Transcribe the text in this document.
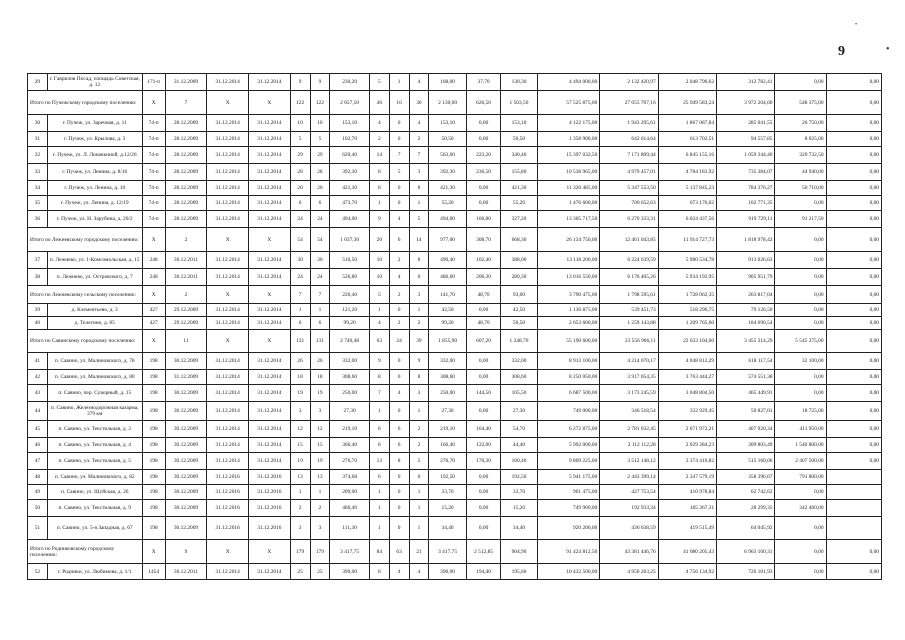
•
9	•
29	г. Гаврилов Посад, площадь Советская, д. 12	171-п	31.12.2009	31.12.2014	31.12.2014	9	9	230,20	5	1	4	168,00	37,70	130,30	4 494 000,00	2 132 420,97	2 048 796,62	312 782,41	0,00	0,00
Итого по Пучежскому городскому поселению:		X	7	X	X	122	122	2 657,50	46	16	30	2 130,00	626,50	1 503,50	57 525 875,00	27 055 707,16	25 949 583,24	3 972 204,60	548 375,00	0,00
30	г. Пучеж, ул. Заречная, д. 11	74-п	28.12.2009	31.12.2014	31.12.2014	10	10	153,10	4	0	4	153,10	0,00	153,10	4 122 175,00	1 943 295,61	1 867 087,84	285 041,55	26 750,00	0,00
31	г. Пучеж, ул. Крылова, д. 3	74-п	28.12.2009	31.12.2014	31.12.2014	5	5	102,70	2	0	2	50,50	0,00	50,50	1 358 900,00	642 614,64	613 702,51	94 557,85	8 025,00	0,00
32	г. Пучеж, ул. Л. Лоначкиной, д.12/26	74-п	28.12.2009	31.12.2014	31.12.2014	29	29	620,40	14	7	7	563,60	223,20	340,40	15 397 032,50	7 171 809,44	6 845 155,16	1 059 344,40	320 732,50	0,00
33	г. Пучеж, ул. Ленина, д. 8/16	74-п	28.12.2009	31.12.2014	31.12.2014	28	28	392,30	8	5	3	392,30	236,50	155,80	10 538 965,00	4 979 457,01	4 784 183,92	735 384,07	44 940,00	0,00
34	г. Пучеж, ул. Ленина, д. 10	74-п	28.12.2009	31.12.2014	31.12.2014	20	20	421,30	8	0	8	421,30	0,00	421,30	11 320 485,00	5 347 553,50	5 137 845,23	784 376,27	50 710,00	0,00
35	г. Пучеж, ул. Ленина, д. 12/19	74-п	28.12.2009	31.12.2014	31.12.2014	6	6	473,70	1	0	1	55,20	0,00	55,20	1 476 600,00	700 652,63	673 176,02	102 771,35	0,00	0,00
36	г. Пучеж, ул. Н. Зарубина, д. 20/2	74-п	28.12.2009	31.12.2014	31.12.2014	24	24	494,00	9	4	5	494,00	166,80	327,20	13 305 717,50	6 270 333,31	6 024 437,56	919 729,11	91 217,50	0,00
Итого по Лежневскому городскому поселению:		X	2	X	X	54	54	1 037,30	20	6	14	977,00	308,70	668,30	26 134 750,00	12 461 043,85	11 914 727,73	1 818 978,42	0,00	0,00
37	п. Лежнево, ул. 1-Комсомольская, д. 15	248	30.12.2011	31.12.2014	31.12.2014	30	30	510,50	10	2	8	490,40	102,40	388,00	13 118 200,00	6 224 639,59	5 980 534,78	913 026,63	0,00	0,00
38	п. Лежнево, ул. Островского, д. 7	248	30.12.2011	31.12.2014	31.12.2014	24	24	526,80	10	4	6	486,60	206,30	280,30	13 016 550,00	6 176 405,26	5 934 192,95	905 951,79	0,00	0,00
Итого по Лежневскому сельскому поселению:		X	2	X	X	7	7	220,40	5	2	3	141,70	48,70	93,00	3 790 475,00	1 798 595,61	1 728 062,35	263 817,04	0,00	0,00
39	д. Клементьево, д. 3	427	29.12.2009	31.12.2014	31.12.2014	1	1	121,20	1	0	1	42,50	0,00	42,50	1 136 875,00	539 451,73	518 296,75	79 126,50	0,00	0,00
40	д. Телегино, д. 85	427	29.12.2009	31.12.2014	31.12.2014	6	6	99,20	4	2	2	99,20	48,70	50,50	2 653 600,00	1 259 143,88	1 209 765,60	184 690,54	0,00	0,00
Итого по Савинскому городскому поселению:		X	11	X	X	131	131	2 740,48	63	24	39	1 855,90	607,20	1 248,70	55 190 600,00	23 556 906,11	22 633 104,60	3 455 314,29	5 545 275,00	0,00
41	п. Савино, ул. Малиновского, д. 78	198	30.12.2009	31.12.2014	31.12.2014	26	26	332,00	9	0	9	332,00	0,00	332,00	8 913 100,00	4 214 070,17	4 048 812,29	618 117,54	32 100,00	0,00
42	п. Савино, ул. Малиновского, д. 80	198	31.12.2009	31.12.2014	31.12.2014	18	18	308,60	8	0	8	308,60	0,00	308,60	8 250 050,00	3 917 054,35	3 763 444,27	574 551,38	0,00	0,00
43	п. Савино, пер. Суворный, д. 15	198	30.12.2009	31.12.2014	31.12.2014	19	19	250,00	7	4	3	250,00	144,50	105,50	6 687 500,00	3 173 245,59	3 048 804,50	465 449,91	0,00	0,00
44	п. Савино, Железнодорожная казарма, 379 км	198	30.12.2009	31.12.2014	31.12.2014	3	3	27,30	1	0	1	27,30	0,00	27,30	749 000,00	346 518,54	332 929,45	50 827,01	18 725,00	0,00
45	п. Савино, ул. Текстильная, д. 3	198	30.12.2009	31.12.2014	31.12.2014	12	12	219,10	8	6	2	219,10	164,40	54,70	6 272 875,00	2 781 032,45	2 671 972,21	407 920,34	411 950,00	0,00
46	п. Савино, ул. Текстильная, д. 4	198	30.12.2009	31.12.2014	31.12.2014	15	15	366,40	8	6	2	166,40	122,00	44,40	5 992 000,00	2 112 112,28	2 029 284,23	309 803,49	1 540 800,00	0,00
47	п. Савино, ул. Текстильная, д. 5	198	30.12.2009	31.12.2014	31.12.2014	19	19	276,70	13	8	5	276,70	176,30	100,40	9 809 225,00	3 512 148,12	3 374 416,82	515 160,06	2 407 500,00	0,00
48	п. Савино, ул. Малиновского, д. 82	198	30.12.2009	31.12.2016	31.12.2016	13	13	374,68	6	0	6	192,50	0,00	192,50	5 941 175,00	2 443 399,14	2 347 579,19	358 396,67	791 800,00	
49	п. Савино, ул. Шуйская, д. 26	198	30.12.2009	31.12.2016	31.12.2016	1	1	209,00	1	0	1	33,70	0,00	33,70	901 475,00	427 753,54	410 978,84	62 742,62	0,00	
50	п. Савино, ул. Текстильная, д. 9	198	30.12.2009	31.12.2016	31.12.2016	2	2	466,40	1	0	1	15,20	0,00	15,20	749 900,00	192 933,34	185 367,31	28 299,35	342 400,00	
51	п. Савино, ул. 5-я Западная, д. 67	198	30.12.2009	31.12.2016	31.12.2016	3	3	111,30	1	0	1	34,40	0,00	34,40	920 200,00	436 638,59	419 515,49	64 045,92	0,00	
Итого по Родниковскому городскому поселению:		X	9	X	X	179	179	3 417,75	84	63	21	3 417,75	2 512,85	904,90	91 424 812,50	43 381 446,76	41 080 205,43	6 963 160,31	0,00	0,00
52	г. Родники, ул. Любимова, д. 1/1	1454	30.12.2011	31.12.2014	31.12.2014	25	25	390,00	8	4	4	390,00	194,40	195,60	10 432 500,00	4 950 263,25	4 756 134,92	726 101,93	0,00	0,00
